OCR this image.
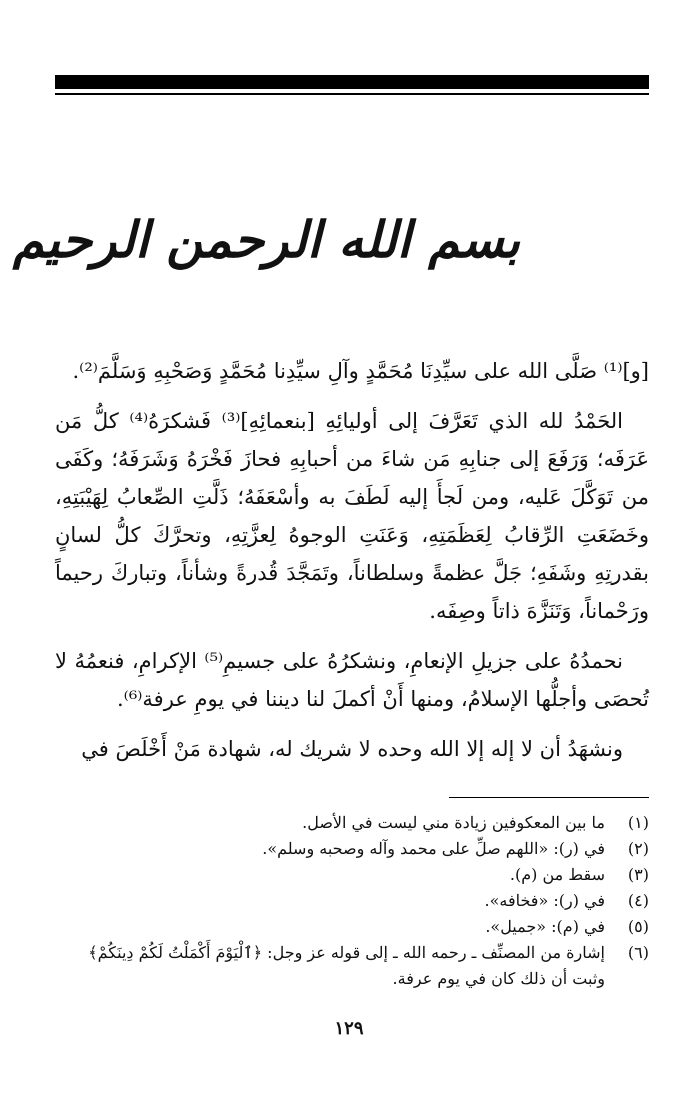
بسم الله الرحمن الرحيم

[و]⁽¹⁾ صَلَّى الله على سيِّدِنَا مُحَمَّدٍ وآلِ سيِّدِنا مُحَمَّدٍ وَصَحْبِهِ وَسَلَّمَ⁽²⁾.

الحَمْدُ لله الذي تَعَرَّفَ إلى أوليائِهِ [بنعمائِهِ]⁽³⁾ فَشكرَهُ⁽⁴⁾ كلُّ مَن عَرَفَه؛ وَرَفَعَ إلى جنابِهِ مَن شاءَ من أحبابِهِ فحازَ فَخْرَهُ وَشَرَفَهُ؛ وكَفَى من تَوَكَّلَ عَليه، ومن لَجأَ إليه لَطَفَ به وأسْعَفَهُ؛ ذَلَّتِ الصِّعابُ لِهَيْبَتِهِ، وخَضَعَتِ الرِّقابُ لِعَظَمَتِهِ، وَعَنَتِ الوجوهُ لِعزَّتِهِ، وتحرَّكَ كلُّ لسانٍ بقدرتِهِ وشَفَهِ؛ جَلَّ عظمةً وسلطاناً، وتَمَجَّدَ قُدرةً وشأناً، وتباركَ رحيماً ورَحْماناً، وَتَنَزَّهَ ذاتاً وصِفَه.

نحمدُهُ على جزيلِ الإنعامِ، ونشكرُهُ على جسيمِ⁽⁵⁾ الإكرامِ، فنعمُهُ لا تُحصَى وأجلُّها الإسلامُ، ومنها أَنْ أكملَ لنا ديننا في يومِ عرفة⁽⁶⁾.

ونشهَدُ أن لا إله إلا الله وحده لا شريك له، شهادة مَنْ أَخْلَصَ في

(١)
ما بين المعكوفين زيادة مني ليست في الأصل.
(٢)
في (ر): «اللهم صلِّ على محمد وآله وصحبه وسلم».
(٣)
سقط من (م).
(٤)
في (ر): «فخافه».
(٥)
في (م): «جميل».
(٦)
إشارة من المصنِّف ـ رحمه الله ـ إلى قوله عز وجل: ﴿ٱلْيَوْمَ أَكْمَلْتُ لَكُمْ دِينَكُمْ﴾ وثبت أن ذلك كان في يوم عرفة.
١٢٩
